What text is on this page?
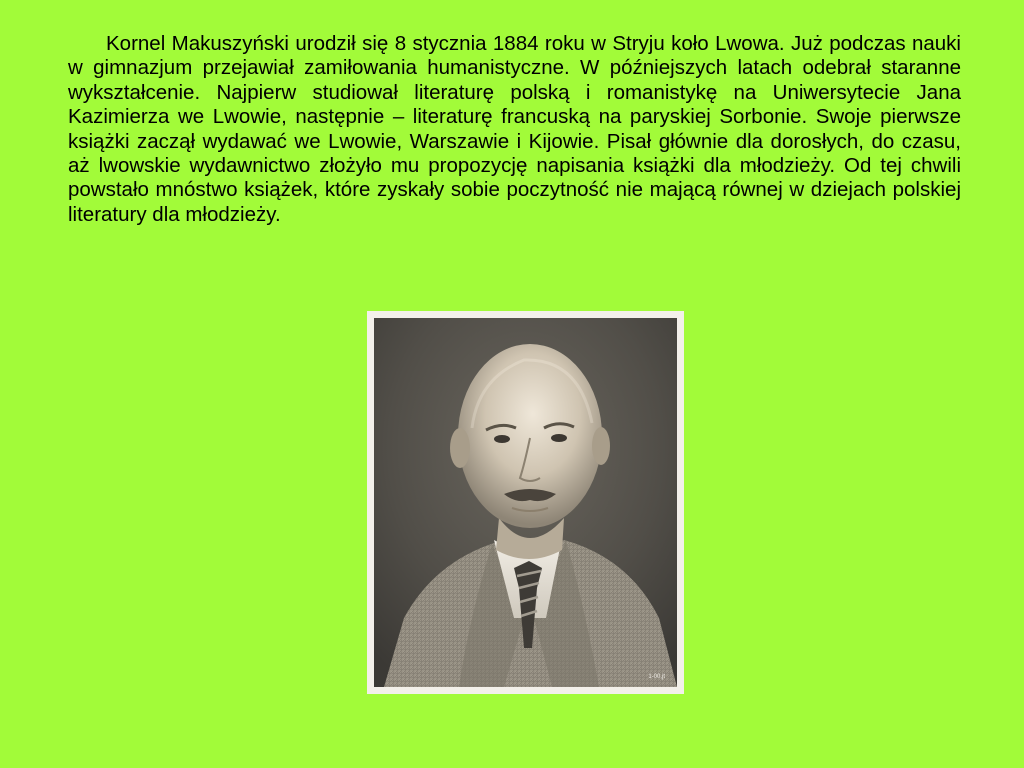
Kornel Makuszyński urodził się 8 stycznia 1884 roku w Stryju koło Lwowa. Już podczas nauki w gimnazjum przejawiał zamiłowania humanistyczne. W późniejszych latach odebrał staranne wykształcenie. Najpierw studiował literaturę polską i romanistykę na Uniwersytecie Jana Kazimierza we Lwowie, następnie – literaturę francuską na paryskiej Sorbonie. Swoje pierwsze książki zaczął wydawać we Lwowie, Warszawie i Kijowie. Pisał głównie dla dorosłych, do czasu, aż lwowskie wydawnictwo złożyło mu propozycję napisania książki dla młodzieży. Od tej chwili powstało mnóstwo książek, które zyskały sobie poczytność nie mającą równej w dziejach polskiej literatury dla młodzieży.

1-00,jt
